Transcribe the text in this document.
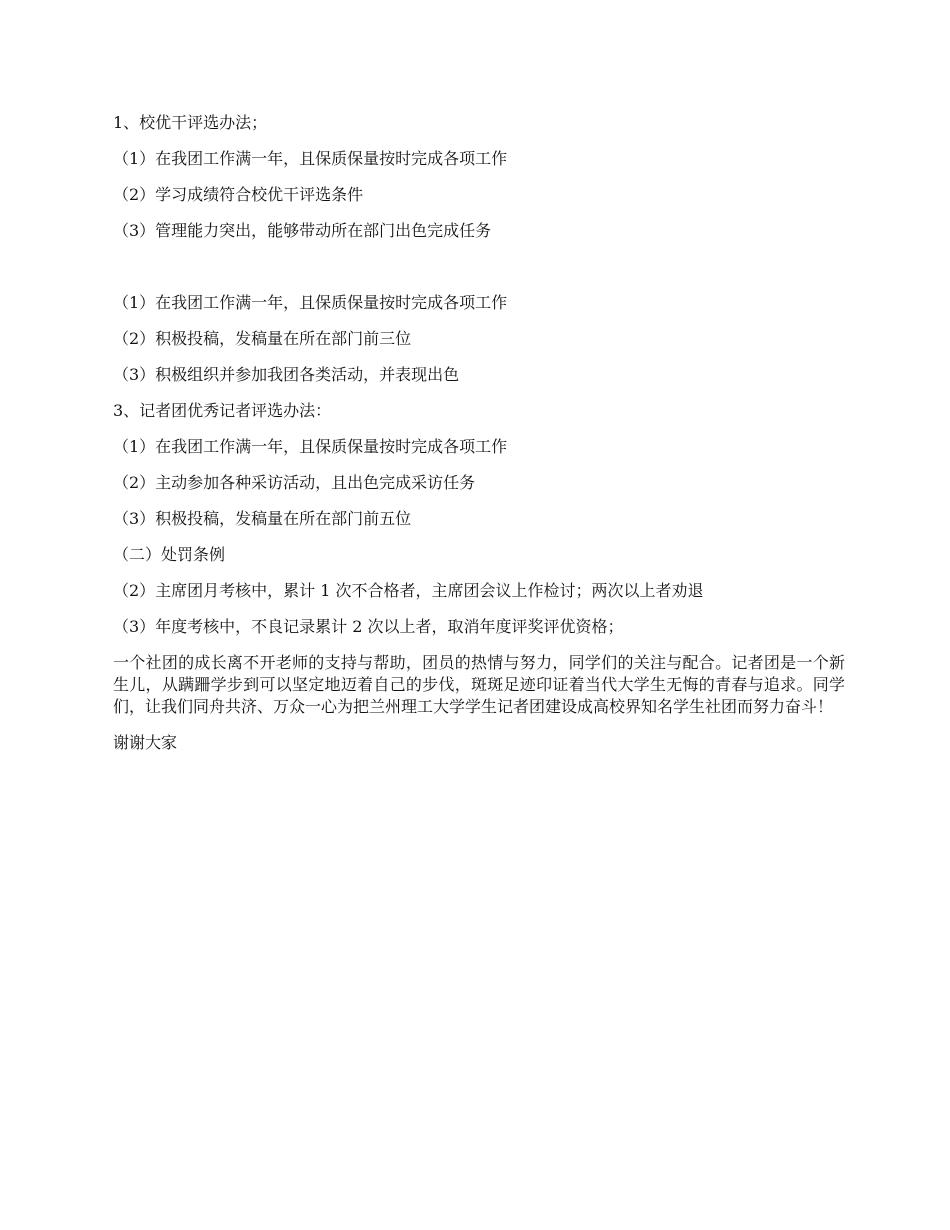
1、校优干评选办法；
（1）在我团工作满一年，且保质保量按时完成各项工作
（2）学习成绩符合校优干评选条件
（3）管理能力突出，能够带动所在部门出色完成任务
（1）在我团工作满一年，且保质保量按时完成各项工作
（2）积极投稿，发稿量在所在部门前三位
（3）积极组织并参加我团各类活动，并表现出色
3、记者团优秀记者评选办法：
（1）在我团工作满一年，且保质保量按时完成各项工作
（2）主动参加各种采访活动，且出色完成采访任务
（3）积极投稿，发稿量在所在部门前五位
（二）处罚条例
（2）主席团月考核中，累计 1 次不合格者，主席团会议上作检讨；两次以上者劝退
（3）年度考核中，不良记录累计 2 次以上者，取消年度评奖评优资格；
一个社团的成长离不开老师的支持与帮助，团员的热情与努力，同学们的关注与配合。记者团是一个新生儿，从蹒跚学步到可以坚定地迈着自己的步伐，斑斑足迹印证着当代大学生无悔的青春与追求。同学们，让我们同舟共济、万众一心为把兰州理工大学学生记者团建设成高校界知名学生社团而努力奋斗！
谢谢大家
